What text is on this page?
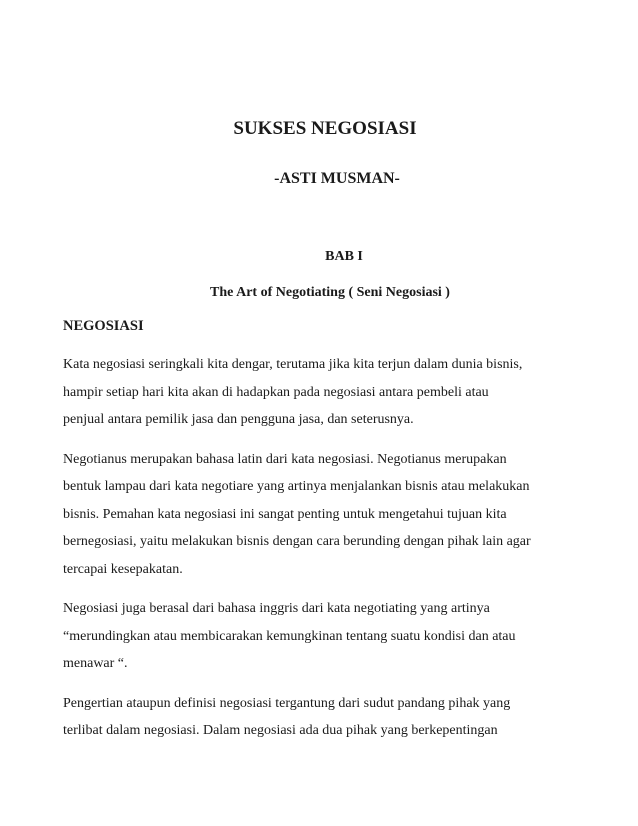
SUKSES NEGOSIASI
-ASTI MUSMAN-
BAB I
The Art of Negotiating ( Seni Negosiasi )
NEGOSIASI

Kata negosiasi seringkali kita dengar, terutama jika kita terjun dalam dunia bisnis,
hampir setiap hari kita akan di hadapkan pada negosiasi antara pembeli atau
penjual antara pemilik jasa dan pengguna jasa, dan seterusnya.

Negotianus merupakan bahasa latin dari kata negosiasi. Negotianus merupakan
bentuk lampau dari kata negotiare yang artinya menjalankan bisnis atau melakukan
bisnis. Pemahan kata negosiasi ini sangat penting untuk mengetahui tujuan kita
bernegosiasi, yaitu melakukan bisnis dengan cara berunding dengan pihak lain agar
tercapai kesepakatan.

Negosiasi juga berasal dari bahasa inggris dari kata negotiating yang artinya
“merundingkan atau membicarakan kemungkinan tentang suatu kondisi dan atau
menawar “.

Pengertian ataupun definisi negosiasi tergantung dari sudut pandang pihak yang
terlibat dalam negosiasi. Dalam negosiasi ada dua pihak yang berkepentingan
